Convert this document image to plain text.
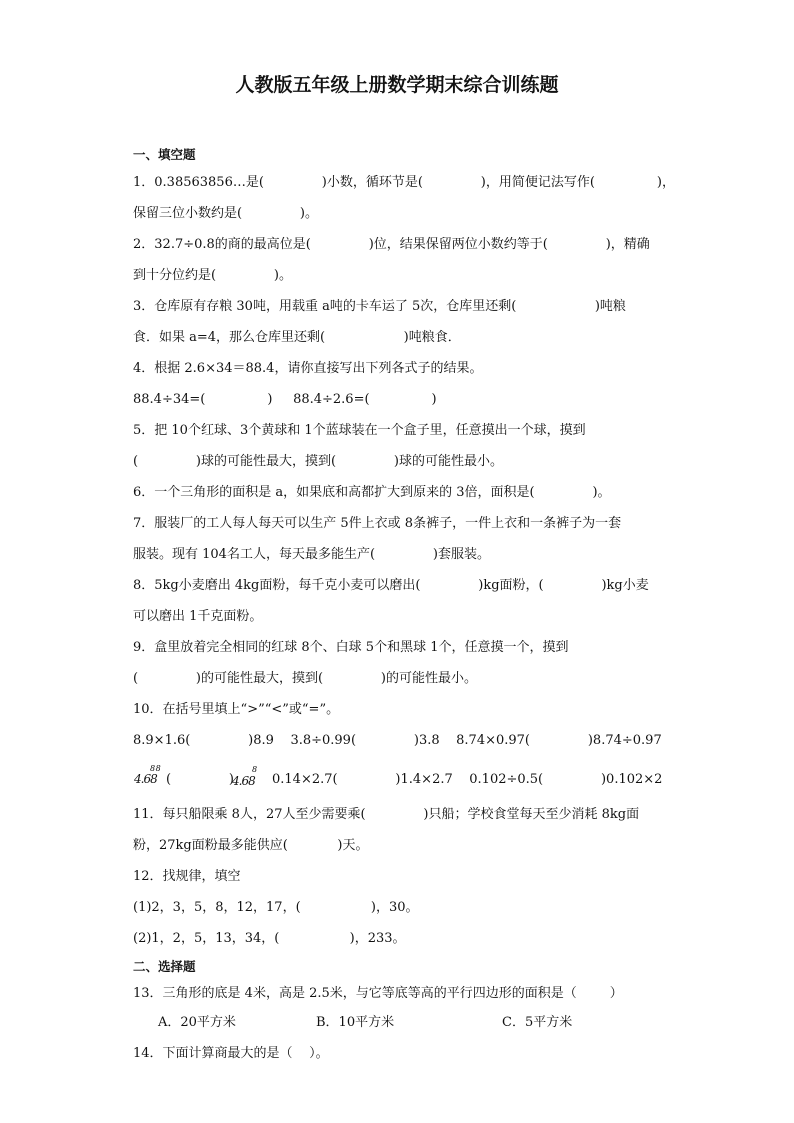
人教版五年级上册数学期末综合训练题
一、填空题
1．0.38563856…是(              )小数，循环节是(              )，用简便记法写作(               )，
保留三位小数约是(              )。
2．32.7÷0.8的商的最高位是(              )位，结果保留两位小数约等于(              )，精确
到十分位约是(              )。
3．仓库原有存粮 30吨，用载重 a吨的卡车运了 5次，仓库里还剩(                   )吨粮
食．如果 a=4，那么仓库里还剩(                   )吨粮食．
4．根据 2.6×34＝88.4，请你直接写出下列各式子的结果。
88.4÷34=(               )     88.4÷2.6=(               )
5．把 10个红球、3个黄球和 1个蓝球装在一个盒子里，任意摸出一个球，摸到
(              )球的可能性最大，摸到(              )球的可能性最小。
6．一个三角形的面积是 a，如果底和高都扩大到原来的 3倍，面积是(              )。
7．服装厂的工人每人每天可以生产 5件上衣或 8条裤子，一件上衣和一条裤子为一套
服装。现有 104名工人，每天最多能生产(              )套服装。
8．5kg小麦磨出 4kg面粉，每千克小麦可以磨出(              )kg面粉，(              )kg小麦
可以磨出 1千克面粉。
9．盒里放着完全相同的红球 8个、白球 5个和黑球 1个，任意摸一个，摸到
(              )的可能性最大，摸到(              )的可能性最小。
10．在括号里填上“>”“<”或“=”。
8.9×1.6(              )8.9    3.8÷0.99(              )3.8    8.74×0.97(              )8.74÷0.97
4.68
8 8
(              )
4.68
8
0.14×2.7(              )1.4×2.7    0.102÷0.5(              )0.102×2
11．每只船限乘 8人，27人至少需要乘(              )只船；学校食堂每天至少消耗 8kg面
粉，27kg面粉最多能供应(            )天。
12．找规律，填空
(1)2，3，5，8，12，17，(                 )，30。
(2)1，2，5，13，34，(                 )，233。
二、选择题
13．三角形的底是 4米，高是 2.5米，与它等底等高的平行四边形的面积是（        ）
A．20平方米	B．10平方米	C．5平方米
14．下面计算商最大的是（    ）。
